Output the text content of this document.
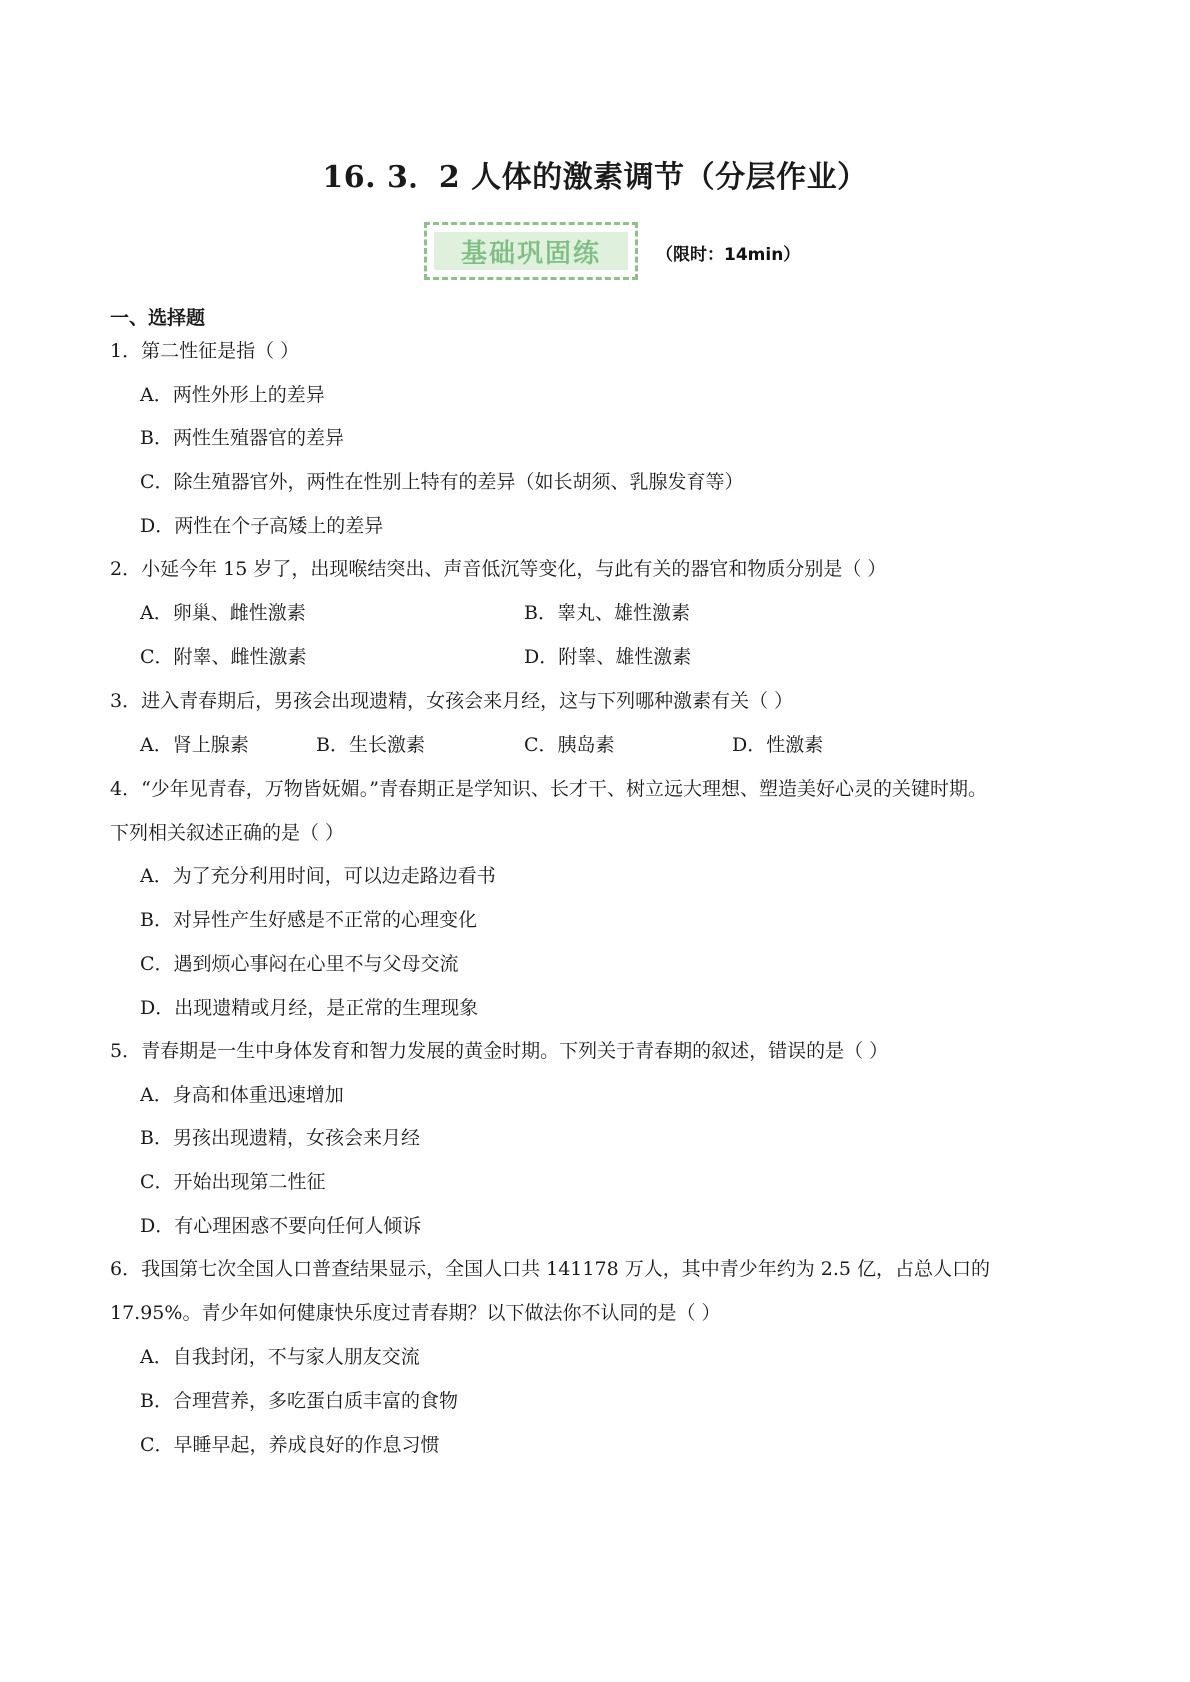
16. 3．2 人体的激素调节（分层作业）
基础巩固练	（限时：14min）
一、选择题
1．第二性征是指（ ）
A．两性外形上的差异
B．两性生殖器官的差异
C．除生殖器官外，两性在性别上特有的差异（如长胡须、乳腺发育等）
D．两性在个子高矮上的差异
2．小延今年 15 岁了，出现喉结突出、声音低沉等变化，与此有关的器官和物质分别是（ ）
A．卵巢、雌性激素	B．睾丸、雄性激素
C．附睾、雌性激素	D．附睾、雄性激素
3．进入青春期后，男孩会出现遗精，女孩会来月经，这与下列哪种激素有关（ ）
A．肾上腺素	B．生长激素	C．胰岛素	D．性激素
4．“少年见青春，万物皆妩媚。”青春期正是学知识、长才干、树立远大理想、塑造美好心灵的关键时期。
下列相关叙述正确的是（ ）
A．为了充分利用时间，可以边走路边看书
B．对异性产生好感是不正常的心理变化
C．遇到烦心事闷在心里不与父母交流
D．出现遗精或月经，是正常的生理现象
5．青春期是一生中身体发育和智力发展的黄金时期。下列关于青春期的叙述，错误的是（ ）
A．身高和体重迅速增加
B．男孩出现遗精，女孩会来月经
C．开始出现第二性征
D．有心理困惑不要向任何人倾诉
6．我国第七次全国人口普查结果显示，全国人口共 141178 万人，其中青少年约为 2.5 亿，占总人口的
17.95%。青少年如何健康快乐度过青春期？以下做法你不认同的是（ ）
A．自我封闭，不与家人朋友交流
B．合理营养，多吃蛋白质丰富的食物
C．早睡早起，养成良好的作息习惯
